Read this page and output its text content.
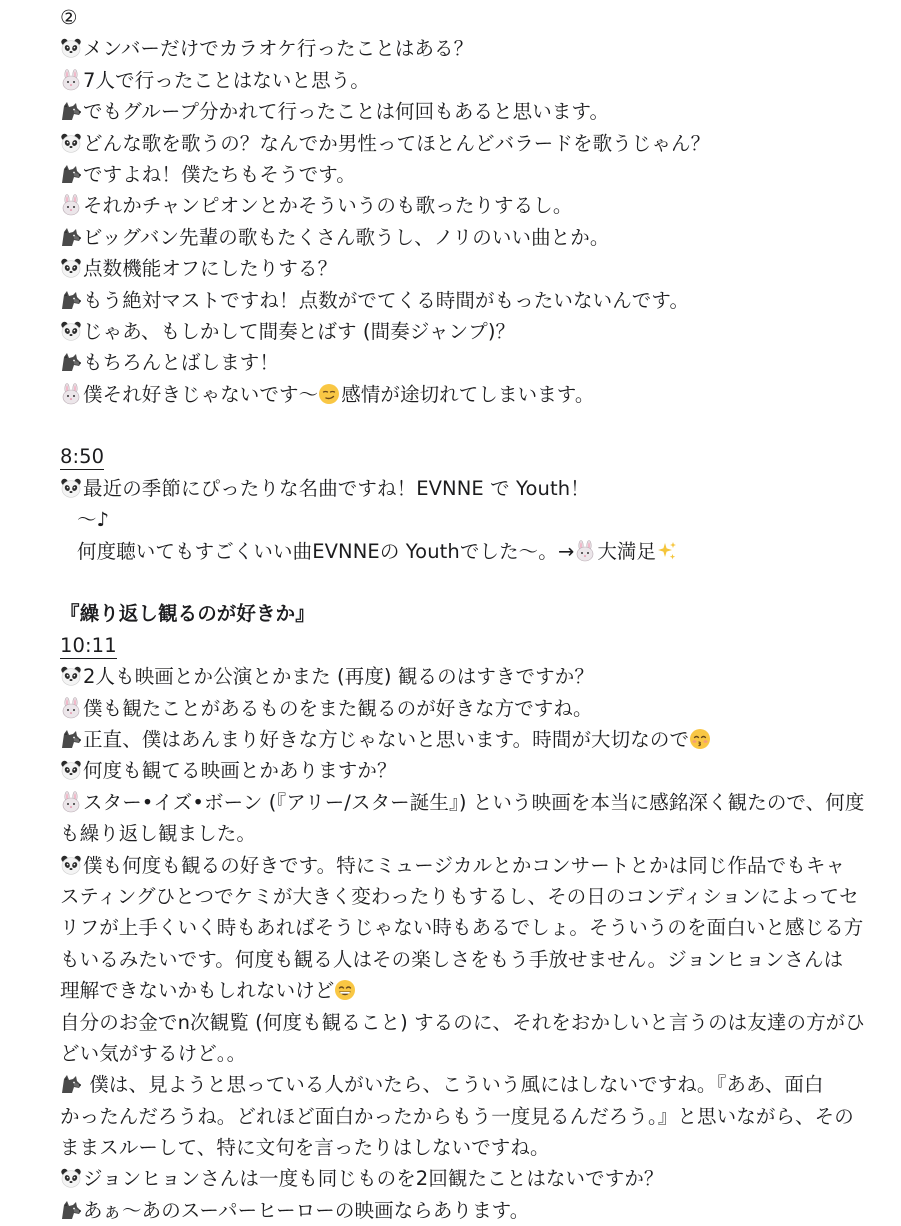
②
メンバーだけでカラオケ行ったことはある？
7人で行ったことはないと思う。
でもグループ分かれて行ったことは何回もあると思います。
どんな歌を歌うの？なんでか男性ってほとんどバラードを歌うじゃん？
ですよね！僕たちもそうです。
それかチャンピオンとかそういうのも歌ったりするし。
ビッグバン先輩の歌もたくさん歌うし、ノリのいい曲とか。
点数機能オフにしたりする？
もう絶対マストですね！点数がでてくる時間がもったいないんです。
じゃあ、もしかして間奏とばす (間奏ジャンプ)？
もちろんとばします！
僕それ好きじゃないです〜 感情が途切れてしまいます。
8:50
最近の季節にぴったりな名曲ですね！EVNNE で Youth！
〜♪
何度聴いてもすごくいい曲EVNNEの Youthでした〜。→ 大満足
『繰り返し観るのが好きか』
10:11
2人も映画とか公演とかまた (再度) 観るのはすきですか？
僕も観たことがあるものをまた観るのが好きな方ですね。
正直、僕はあんまり好きな方じゃないと思います。時間が大切なので
何度も観てる映画とかありますか？
スター•イズ•ボーン (『アリー/スター誕生』) という映画を本当に感銘深く観たので、何度
も繰り返し観ました。
僕も何度も観るの好きです。特にミュージカルとかコンサートとかは同じ作品でもキャ
スティングひとつでケミが大きく変わったりもするし、その日のコンディションによってセ
リフが上手くいく時もあればそうじゃない時もあるでしょ。そういうのを面白いと感じる方
もいるみたいです。何度も観る人はその楽しさをもう手放せません。ジョンヒョンさんは
理解できないかもしれないけど
自分のお金でn次観覧 (何度も観ること) するのに、それをおかしいと言うのは友達の方がひ
どい気がするけど。。
僕は、見ようと思っている人がいたら、こういう風にはしないですね。『ああ、面白
かったんだろうね。どれほど面白かったからもう一度見るんだろう。』と思いながら、その
ままスルーして、特に文句を言ったりはしないですね。
ジョンヒョンさんは一度も同じものを2回観たことはないですか？
あぁ〜あのスーパーヒーローの映画ならあります。
